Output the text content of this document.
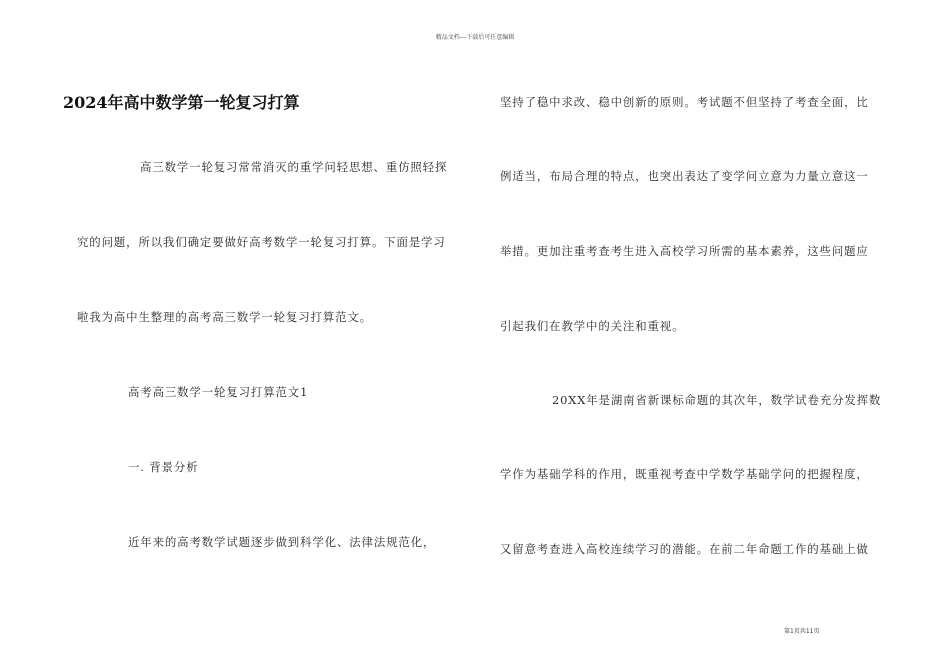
精品文档---下载后可任意编辑
2024年高中数学第一轮复习打算
高三数学一轮复习常常消灭的重学问轻思想、重仿照轻探
究的问题，所以我们确定要做好高考数学一轮复习打算。下面是学习
啦我为高中生整理的高考高三数学一轮复习打算范文。
高考高三数学一轮复习打算范文1
一. 背景分析
近年来的高考数学试题逐步做到科学化、法律法规范化，
坚持了稳中求改、稳中创新的原则。考试题不但坚持了考查全面，比
例适当，布局合理的特点，也突出表达了变学问立意为力量立意这一
举措。更加注重考查考生进入高校学习所需的基本素养，这些问题应
引起我们在教学中的关注和重视。
20XX年是湖南省新课标命题的其次年，数学试卷充分发挥数
学作为基础学科的作用，既重视考查中学数学基础学问的把握程度，
又留意考查进入高校连续学习的潜能。在前二年命题工作的基础上做
第1页共11页
